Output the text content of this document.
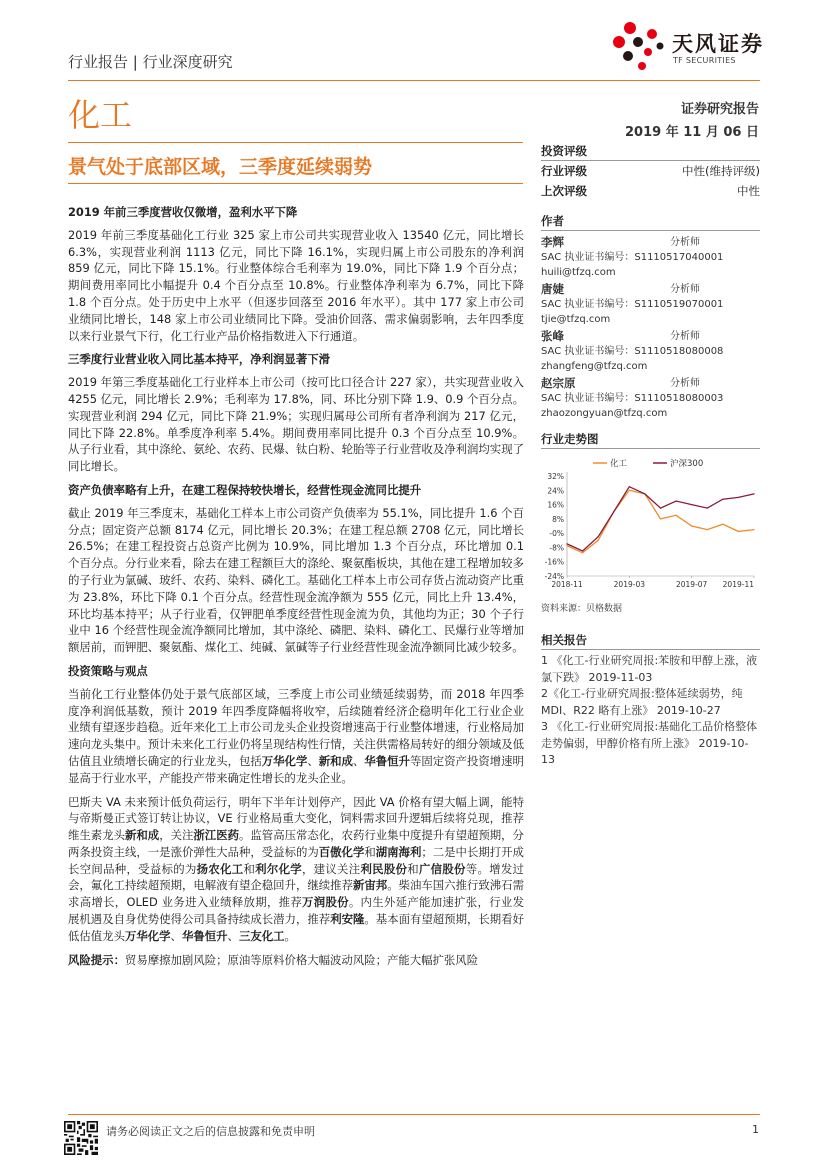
行业报告 | 行业深度研究
天风证券
TF SECURITIES
化工	证券研究报告
2019 年 11 月 06 日
景气处于底部区域，三季度延续弱势
2019 年前三季度营收仅微增，盈利水平下降

2019 年前三季度基础化工行业 325 家上市公司共实现营业收入 13540 亿元，同比增长 6.3%，实现营业利润 1113 亿元，同比下降 16.1%，实现归属上市公司股东的净利润 859 亿元，同比下降 15.1%。行业整体综合毛利率为 19.0%，同比下降 1.9 个百分点；期间费用率同比小幅提升 0.4 个百分点至 10.8%。行业整体净利率为 6.7%，同比下降 1.8 个百分点。处于历史中上水平（但逐步回落至 2016 年水平）。其中 177 家上市公司业绩同比增长，148 家上市公司业绩同比下降。受油价回落、需求偏弱影响，去年四季度以来行业景气下行，化工行业产品价格指数进入下行通道。

三季度行业营业收入同比基本持平，净利润显著下滑

2019 年第三季度基础化工行业样本上市公司（按可比口径合计 227 家），共实现营业收入 4255 亿元，同比增长 2.9%；毛利率为 17.8%，同、环比分别下降 1.9、0.9 个百分点。实现营业利润 294 亿元，同比下降 21.9%；实现归属母公司所有者净利润为 217 亿元，同比下降 22.8%。单季度净利率 5.4%。期间费用率同比提升 0.3 个百分点至 10.9%。从子行业看，其中涤纶、氨纶、农药、民爆、钛白粉、轮胎等子行业营收及净利润均实现了同比增长。

资产负债率略有上升，在建工程保持较快增长，经营性现金流同比提升

截止 2019 年三季度末，基础化工样本上市公司资产负债率为 55.1%，同比提升 1.6 个百分点；固定资产总额 8174 亿元，同比增长 20.3%；在建工程总额 2708 亿元，同比增长 26.5%；在建工程投资占总资产比例为 10.9%，同比增加 1.3 个百分点，环比增加 0.1 个百分点。分行业来看，除去在建工程额巨大的涤纶、聚氨酯板块，其他在建工程增加较多的子行业为氯碱、玻纤、农药、染料、磷化工。基础化工样本上市公司存货占流动资产比重为 23.8%，环比下降 0.1 个百分点。经营性现金流净额为 555 亿元，同比上升 13.4%，环比均基本持平；从子行业看，仅钾肥单季度经营性现金流为负，其他均为正；30 个子行业中 16 个经营性现金流净额同比增加，其中涤纶、磷肥、染料、磷化工、民爆行业等增加额居前，而钾肥、聚氨酯、煤化工、纯碱、氯碱等子行业经营性现金流净额同比减少较多。

投资策略与观点

当前化工行业整体仍处于景气底部区域，三季度上市公司业绩延续弱势，而 2018 年四季度净利润低基数，预计 2019 年四季度降幅将收窄，后续随着经济企稳明年化工行业企业业绩有望逐步趋稳。近年来化工上市公司龙头企业投资增速高于行业整体增速，行业格局加速向龙头集中。预计未来化工行业仍将呈现结构性行情，关注供需格局转好的细分领域及低估值且业绩增长确定的行业龙头，包括万华化学、新和成、华鲁恒升等固定资产投资增速明显高于行业水平，产能投产带来确定性增长的龙头企业。

巴斯夫 VA 未来预计低负荷运行，明年下半年计划停产，因此 VA 价格有望大幅上调，能特与帝斯曼正式签订转让协议，VE 行业格局重大变化，饲料需求回升逻辑后续将兑现，推荐维生素龙头新和成，关注浙江医药。监管高压常态化，农药行业集中度提升有望超预期，分两条投资主线，一是涨价弹性大品种，受益标的为百傲化学和湖南海利；二是中长期打开成长空间品种，受益标的为扬农化工和利尔化学，建议关注利民股份和广信股份等。增发过会，氟化工持续超预期，电解液有望企稳回升，继续推荐新宙邦。柴油车国六推行致沸石需求高增长，OLED 业务进入业绩释放期，推荐万润股份。内生外延产能加速扩张，行业发展机遇及自身优势使得公司具备持续成长潜力，推荐利安隆。基本面有望超预期，长期看好低估值龙头万华化学、华鲁恒升、三友化工。

风险提示：贸易摩擦加剧风险；原油等原料价格大幅波动风险；产能大幅扩张风险

投资评级
行业评级	中性(维持评级)
上次评级	中性
作者
李辉	分析师
SAC 执业证书编号：S1110517040001
huili@tfzq.com
唐婕	分析师
SAC 执业证书编号：S1110519070001
tjie@tfzq.com
张峰	分析师
SAC 执业证书编号：S1110518080008
zhangfeng@tfzq.com
赵宗原	分析师
SAC 执业证书编号：S1110518080003
zhaozongyuan@tfzq.com
行业走势图
32%
24%
16%
8%
-0%
-8%
-16%
-24%
2018-11	2019-03	2019-07 2019-11
化工	沪深300
资料来源：贝格数据
相关报告
1 《化工-行业研究周报:苯胺和甲醇上涨，液氯下跌》 2019-11-03
2《化工-行业研究周报:整体延续弱势，纯 MDI、R22 略有上涨》 2019-10-27
3 《化工-行业研究周报:基础化工品价格整体走势偏弱，甲醇价格有所上涨》 2019-10-13
请务必阅读正文之后的信息披露和免责申明	1
